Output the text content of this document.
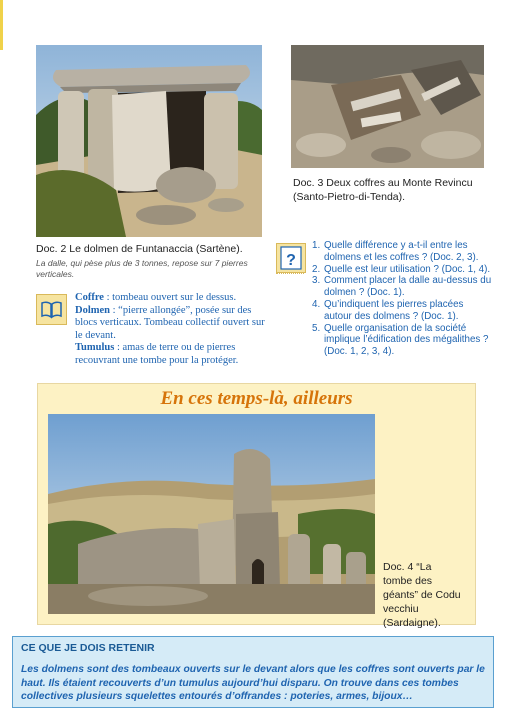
Doc. 3 Deux coffres au Monte Revincu (Santo-Pietro-di-Tenda).
Doc. 2 Le dolmen de Funtanaccia (Sartène).
La dalle, qui pèse plus de 3 tonnes, repose sur 7 pierres verticales.
Coffre : tombeau ouvert sur le dessus.
Dolmen : “pierre allongée”, posée sur des blocs verticaux. Tombeau collectif ouvert sur le devant.
Tumulus : amas de terre ou de pierres recouvrant une tombe pour la protéger.
?
1. Quelle différence y a-t-il entre les dolmens et les coffres ? (Doc. 2, 3).
2. Quelle est leur utilisation ? (Doc. 1, 4).
3. Comment placer la dalle au-dessus du dolmen ? (Doc. 1).
4. Qu’indiquent les pierres placées autour des dolmens ? (Doc. 1).
5. Quelle organisation de la société implique l’édification des mégalithes ? (Doc. 1, 2, 3, 4).
En ces temps-là, ailleurs
Doc. 4 “La tombe des géants” de Codu vecchiu (Sardaigne).
CE QUE JE DOIS RETENIR
Les dolmens sont des tombeaux ouverts sur le devant alors que les coffres sont ouverts par le haut. Ils étaient recouverts d’un tumulus aujourd’hui disparu. On trouve dans ces tombes collectives plusieurs squelettes entourés d’offrandes : poteries, armes, bijoux…
